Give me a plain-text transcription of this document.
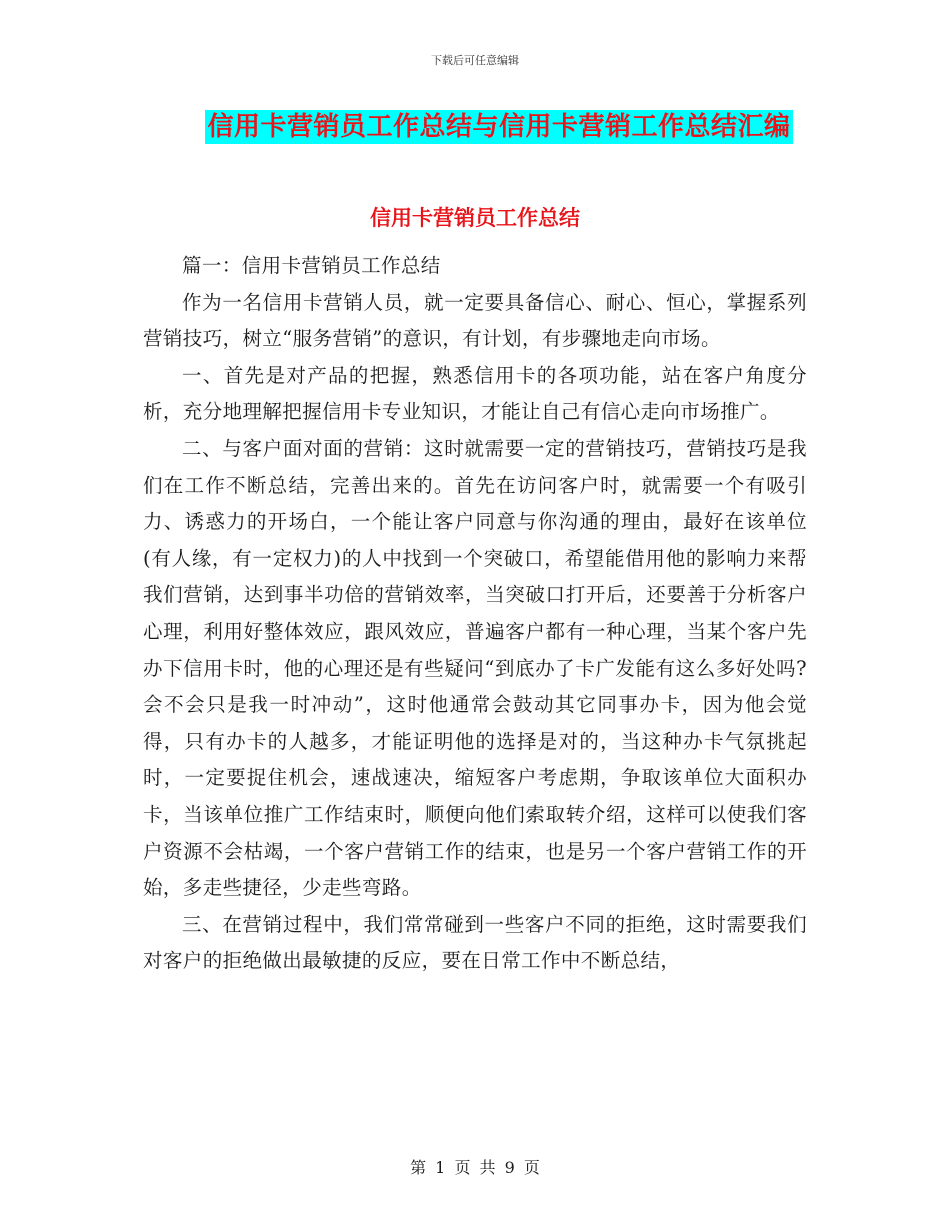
下载后可任意编辑
信用卡营销员工作总结与信用卡营销工作总结汇编
信用卡营销员工作总结

篇一：信用卡营销员工作总结

作为一名信用卡营销人员，就一定要具备信心、耐心、恒心，掌握系列营销技巧，树立“服务营销”的意识，有计划，有步骤地走向市场。

一、首先是对产品的把握，熟悉信用卡的各项功能，站在客户角度分析，充分地理解把握信用卡专业知识，才能让自己有信心走向市场推广。

二、与客户面对面的营销：这时就需要一定的营销技巧，营销技巧是我们在工作不断总结，完善出来的。首先在访问客户时，就需要一个有吸引力、诱惑力的开场白，一个能让客户同意与你沟通的理由，最好在该单位(有人缘，有一定权力)的人中找到一个突破口，希望能借用他的影响力来帮我们营销，达到事半功倍的营销效率，当突破口打开后，还要善于分析客户心理，利用好整体效应，跟风效应，普遍客户都有一种心理，当某个客户先办下信用卡时，他的心理还是有些疑问“到底办了卡广发能有这么多好处吗?会不会只是我一时冲动”，这时他通常会鼓动其它同事办卡，因为他会觉得，只有办卡的人越多，才能证明他的选择是对的，当这种办卡气氛挑起时，一定要捉住机会，速战速决，缩短客户考虑期，争取该单位大面积办卡，当该单位推广工作结束时，顺便向他们索取转介绍，这样可以使我们客户资源不会枯竭，一个客户营销工作的结束，也是另一个客户营销工作的开始，多走些捷径，少走些弯路。

三、在营销过程中，我们常常碰到一些客户不同的拒绝，这时需要我们对客户的拒绝做出最敏捷的反应，要在日常工作中不断总结，

第 1 页 共 9 页
